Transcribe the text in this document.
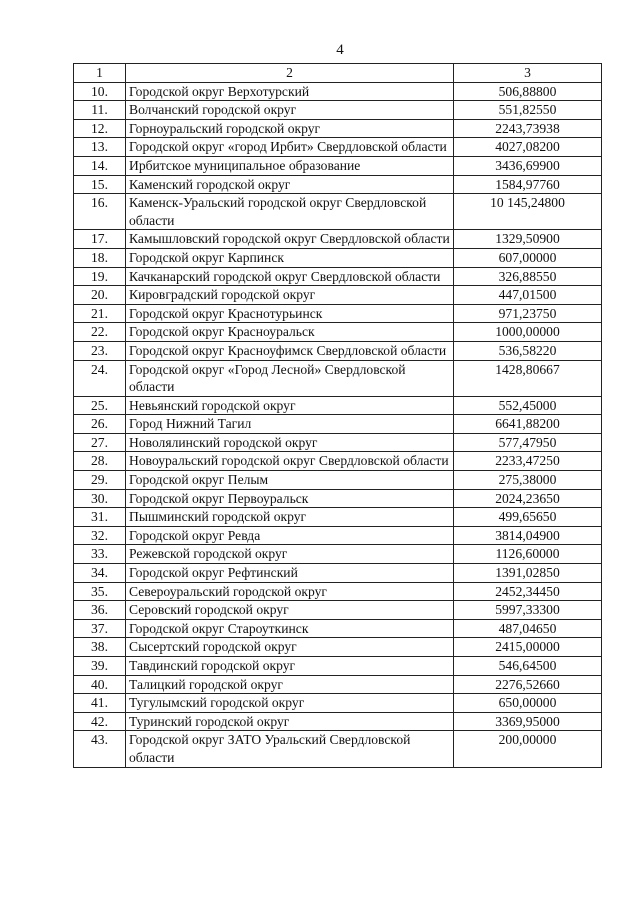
4
1	2	3
10.	Городской округ Верхотурский	506,88800
11.	Волчанский городской округ	551,82550
12.	Горноуральский городской округ	2243,73938
13.	Городской округ «город Ирбит» Свердловской области	4027,08200
14.	Ирбитское муниципальное образование	3436,69900
15.	Каменский городской округ	1584,97760
16.	Каменск-Уральский городской округ Свердловской области	10 145,24800
17.	Камышловский городской округ Свердловской области	1329,50900
18.	Городской округ Карпинск	607,00000
19.	Качканарский городской округ Свердловской области	326,88550
20.	Кировградский городской округ	447,01500
21.	Городской округ Краснотурьинск	971,23750
22.	Городской округ Красноуральск	1000,00000
23.	Городской округ Красноуфимск Свердловской области	536,58220
24.	Городской округ «Город Лесной» Свердловской области	1428,80667
25.	Невьянский городской округ	552,45000
26.	Город Нижний Тагил	6641,88200
27.	Новолялинский городской округ	577,47950
28.	Новоуральский городской округ Свердловской области	2233,47250
29.	Городской округ Пелым	275,38000
30.	Городской округ Первоуральск	2024,23650
31.	Пышминский городской округ	499,65650
32.	Городской округ Ревда	3814,04900
33.	Режевской городской округ	1126,60000
34.	Городской округ Рефтинский	1391,02850
35.	Североуральский городской округ	2452,34450
36.	Серовский городской округ	5997,33300
37.	Городской округ Староуткинск	487,04650
38.	Сысертский городской округ	2415,00000
39.	Тавдинский городской округ	546,64500
40.	Талицкий городской округ	2276,52660
41.	Тугулымский городской округ	650,00000
42.	Туринский городской округ	3369,95000
43.	Городской округ ЗАТО Уральский Свердловской области	200,00000
